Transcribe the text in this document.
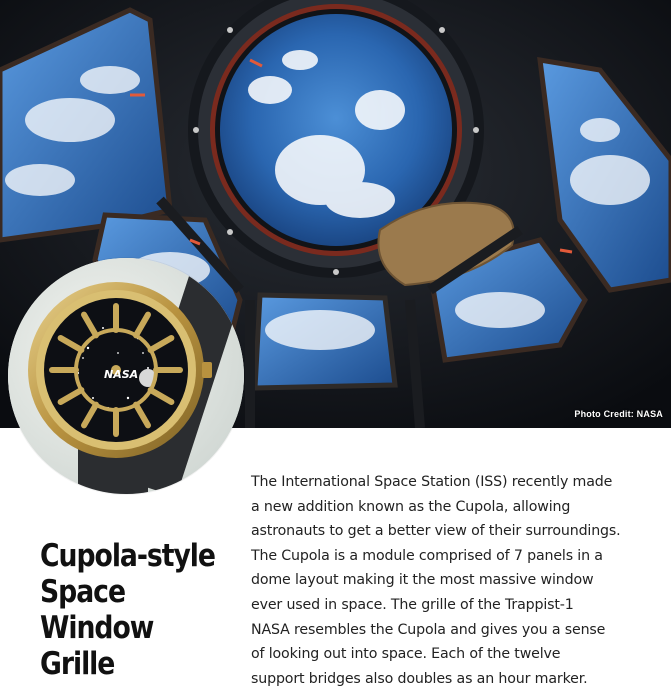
Photo Credit: NASA
NASA
Cupola-style
Space
Window
Grille

The International Space Station (ISS) recently made
a new addition known as the Cupola, allowing
astronauts to get a better view of their surroundings.
The Cupola is a module comprised of 7 panels in a
dome layout making it the most massive window
ever used in space. The grille of the Trappist-1
NASA resembles the Cupola and gives you a sense
of looking out into space. Each of the twelve
support bridges also doubles as an hour marker.
